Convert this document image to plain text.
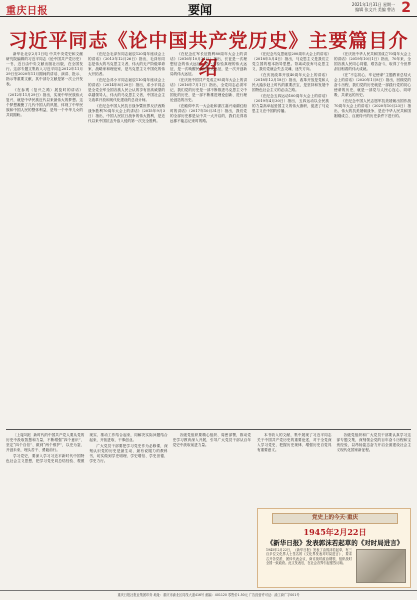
重庆日报	要闻	2021年1月31日 星期一
编辑 张文兴 美编 曾洁 2
习近平同志《论中国共产党历史》主要篇目介绍

新华社北京2月1日电 中共中央党史和文献研究院编辑的习近平同志《论中国共产党历史》一书，近日由中央文献出版社出版，在全国发行。这部专题文集收入习近平同志2012年11月29日至2020年11月期间的讲话、演讲、批示、指示等重要文献，其中部分文献是第一次公开发表。

《在参观〈复兴之路〉展览时的讲话》（2012年11月29日）指出，实现中华民族伟大复兴，就是中华民族近代以来最伟大的梦想。这个梦想凝聚了几代中国人的夙愿，体现了中华民族和中国人民的整体利益，是每一个中华儿女的共同期盼。

《在纪念毛泽东同志诞辰120周年座谈会上的讲话》（2013年12月26日）指出，毛泽东同志是伟大的马克思主义者，伟大的无产阶级革命家、战略家和理论家，是马克思主义中国化的伟大开拓者。

《在纪念邓小平同志诞辰110周年座谈会上的讲话》（2014年8月20日）指出，邓小平同志是全党全军全国各族人民公认的享有崇高威望的卓越领导人，伟大的马克思主义者，中国社会主义改革开放和现代化建设的总设计师。

《在纪念中国人民抗日战争暨世界反法西斯战争胜利70周年大会上的讲话》（2015年9月3日）指出，中国人民抗日战争的伟大胜利，是近代以来中国抗击外敌入侵的第一次完全胜利。

《在纪念红军长征胜利80周年大会上的讲话》（2016年10月21日）指出，长征是一次理想信念的伟大远征，是一次检验真理的伟大远征，是一次唤醒民众的伟大远征，是一次开创新局的伟大远征。

《在庆祝中国共产党成立95周年大会上的讲话》（2016年7月1日）指出，全党同志必须牢记，我们党的历史是一部不断推进马克思主义中国化的历史，是一部不断推进理论创新、进行理论创造的历史。

《在瞻仰中共一大会址和浙江嘉兴南湖红船时的讲话》（2017年10月31日）指出，我们党的全部历史都是从中共一大开启的，我们走得再远都不能忘记来时的路。

《在纪念马克思诞辰200周年大会上的讲话》（2018年5月4日）指出，马克思主义是我们立党立国的根本指导思想。背离或放弃马克思主义，我们党就会失去灵魂、迷失方向。

《在庆祝改革开放40周年大会上的讲话》（2018年12月18日）指出，改革开放是党和人民大踏步赶上时代的重要法宝，是坚持和发展中国特色社会主义的必由之路。

《在纪念五四运动100周年大会上的讲话》（2019年4月30日）指出，五四运动以全民族的力量高举起爱国主义的伟大旗帜，促进了马克思主义在中国的传播。

《在庆祝中华人民共和国成立70周年大会上的讲话》（2019年10月1日）指出，70年来，全国各族人民同心同德、艰苦奋斗，取得了令世界刮目相看的伟大成就。

《在“不忘初心、牢记使命”主题教育总结大会上的讲话》（2020年1月8日）指出，回顾党的奋斗历程，我们党的历史就是一部践行党的初心使命的历史，就是一部党与人民心连心、同呼吸、共命运的历史。

《在纪念中国人民志愿军抗美援朝出国作战70周年大会上的讲话》（2020年10月23日）指出，伟大的抗美援朝战争，是在中华人民共和国刚刚成立、百废待兴的历史条件下进行的。

〔上接1版〕新时代的中国共产党人要从党的历史中汲取智慧和力量，不断增强“四个意识”、坚定“四个自信”、做到“两个维护”，以史为鉴、开创未来，埋头苦干、勇毅前行。

学习党史，要深入学习习近平新时代中国特色社会主义思想，把学习党史同总结经验、观照现实、推动工作结合起来，同解决实际问题结合起来，开拓进取、干事创业。

广大党员干部要把学习党史作为必修课，深刻认识党的历史是最生动、最有说服力的教科书，切实做到学史明理、学史增信、学史崇德、学史力行。

各级党组织要精心组织、周密部署，推动党史学习教育深入开展，引导广大党员干部从百年党史中汲取前进力量。

本书收入的文献，集中展现了习近平同志关于中国共产党历史的重要论述，对于全党深入学习党史、把握历史规律、增强历史自觉具有重要意义。

各级党组织和广大党员干部要认真学习这部专题文集，深刻领会党的百年奋斗历程和宝贵经验，以昂扬姿态奋力开启全面建设社会主义现代化国家新征程。

党史上的今天·重庆
1945年2月22日
《新华日报》发表郭沫若起草的《对时局进言》
1945年2月22日，《新华日报》发表了由郭沫若起草，有三百多位文化界人士签名的《文化界发表对时局进言》，要求召开各党派、团体代表会议，商讨战时政治纲领，组织战时全国一致政府。此文发表后，在社会各界引起强烈反响。
重庆日报社报业集团印务 地址：重庆市渝北区同茂大道416号 邮编：401120 零售价1.50元 广告经营许可证：渝工商广字001号
